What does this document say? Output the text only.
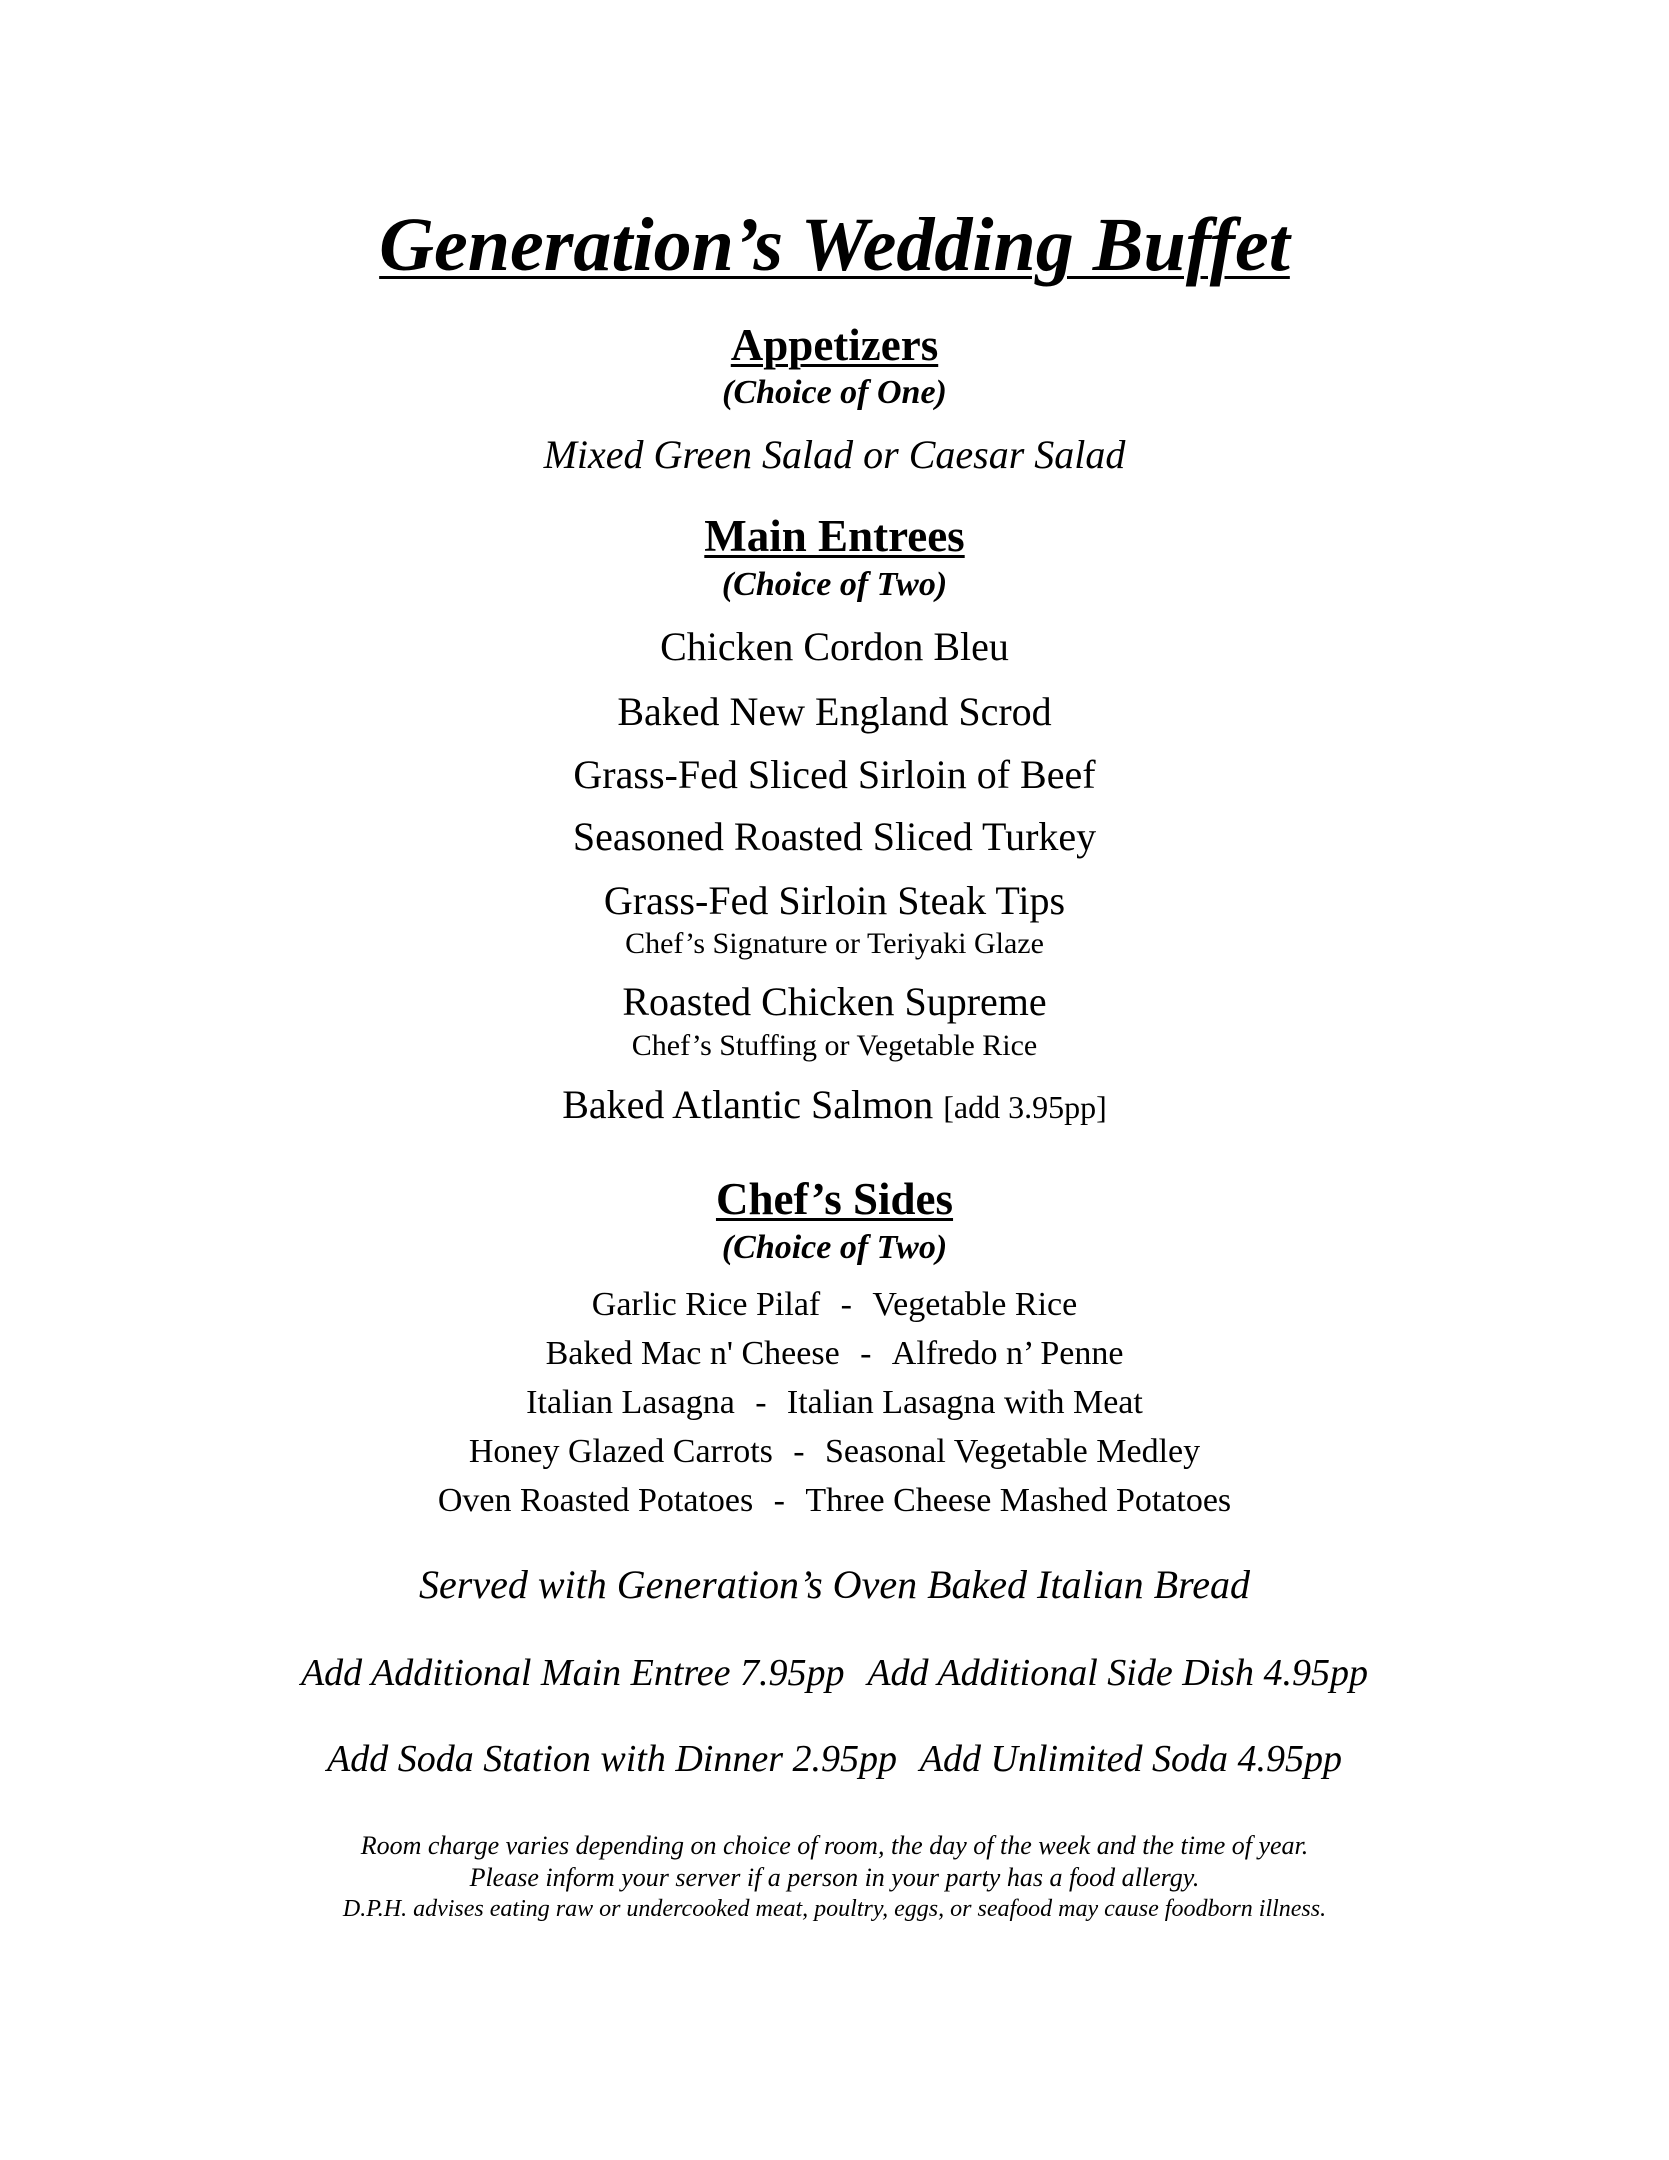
Generation’s Wedding Buffet
Appetizers
(Choice of One)
Mixed Green Salad or Caesar Salad
Main Entrees
(Choice of Two)
Chicken Cordon Bleu
Baked New England Scrod
Grass-Fed Sliced Sirloin of Beef
Seasoned Roasted Sliced Turkey
Grass-Fed Sirloin Steak Tips
Chef’s Signature or Teriyaki Glaze
Roasted Chicken Supreme
Chef’s Stuffing or Vegetable Rice
Baked Atlantic Salmon [add 3.95pp]
Chef’s Sides
(Choice of Two)
Garlic Rice Pilaf - Vegetable Rice
Baked Mac n' Cheese - Alfredo n’ Penne
Italian Lasagna - Italian Lasagna with Meat
Honey Glazed Carrots - Seasonal Vegetable Medley
Oven Roasted Potatoes - Three Cheese Mashed Potatoes
Served with Generation’s Oven Baked Italian Bread
Add Additional Main Entree 7.95pp Add Additional Side Dish 4.95pp
Add Soda Station with Dinner 2.95pp Add Unlimited Soda 4.95pp
Room charge varies depending on choice of room, the day of the week and the time of year.
Please inform your server if a person in your party has a food allergy.
D.P.H. advises eating raw or undercooked meat, poultry, eggs, or seafood may cause foodborn illness.
